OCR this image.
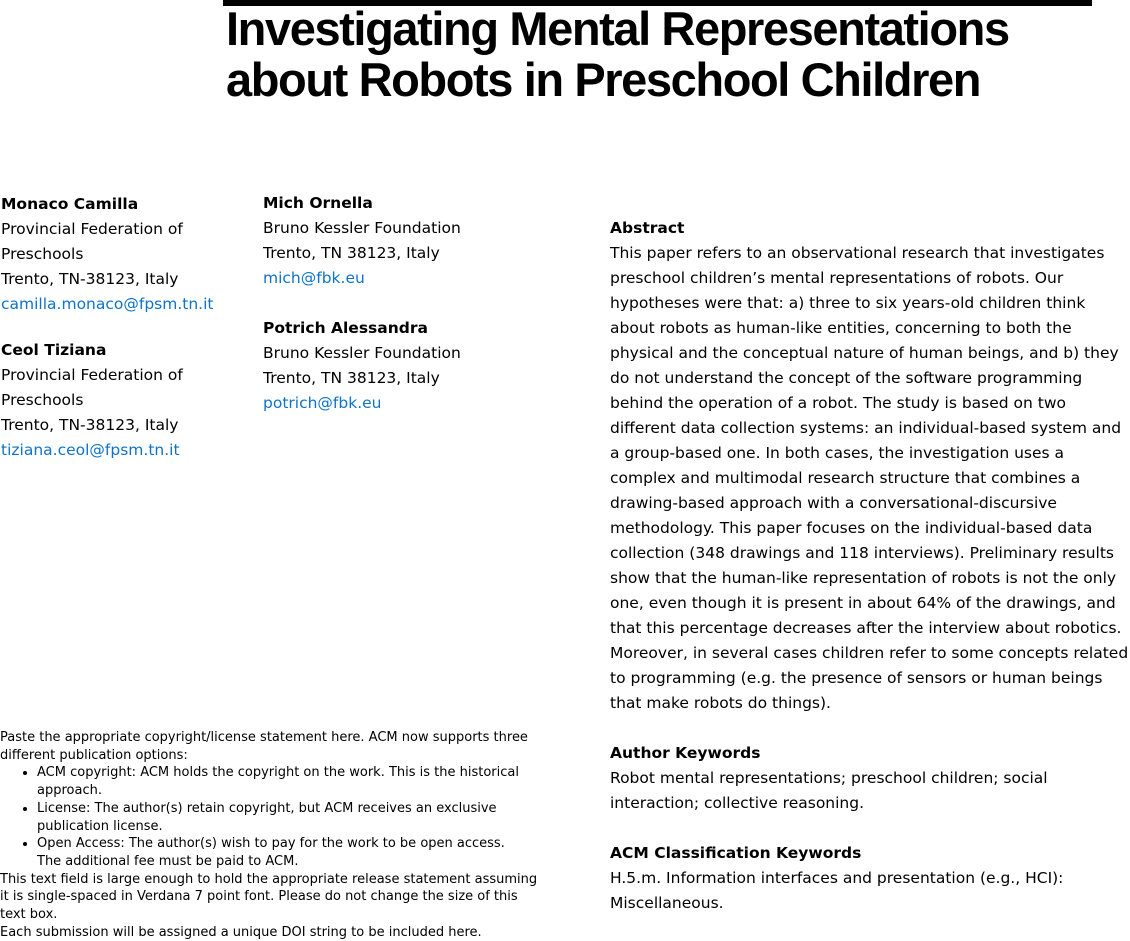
Investigating Mental Representations about Robots in Preschool Children
Monaco Camilla
Provincial Federation of
Preschools
Trento, TN-38123, Italy
camilla.monaco@fpsm.tn.it
Ceol Tiziana
Provincial Federation of
Preschools
Trento, TN-38123, Italy
tiziana.ceol@fpsm.tn.it
Mich Ornella
Bruno Kessler Foundation
Trento, TN 38123, Italy
mich@fbk.eu
Potrich Alessandra
Bruno Kessler Foundation
Trento, TN 38123, Italy
potrich@fbk.eu
Abstract

This paper refers to an observational research that investigates preschool children’s mental representations of robots. Our hypotheses were that: a) three to six years-old children think about robots as human-like entities, concerning to both the physical and the conceptual nature of human beings, and b) they do not understand the concept of the software programming behind the operation of a robot. The study is based on two different data collection systems: an individual-based system and a group-based one. In both cases, the investigation uses a complex and multimodal research structure that combines a drawing-based approach with a conversational-discursive methodology. This paper focuses on the individual-based data collection (348 drawings and 118 interviews). Preliminary results show that the human-like representation of robots is not the only one, even though it is present in about 64% of the drawings, and that this percentage decreases after the interview about robotics. Moreover, in several cases children refer to some concepts related to programming (e.g. the presence of sensors or human beings that make robots do things).

Author Keywords

Robot mental representations; preschool children; social interaction; collective reasoning.

ACM Classification Keywords

H.5.m. Information interfaces and presentation (e.g., HCI): Miscellaneous.

Paste the appropriate copyright/license statement here. ACM now supports three different publication options:

• ACM copyright: ACM holds the copyright on the work. This is the historical approach.
• License: The author(s) retain copyright, but ACM receives an exclusive publication license.
• Open Access: The author(s) wish to pay for the work to be open access. The additional fee must be paid to ACM.

This text field is large enough to hold the appropriate release statement assuming it is single-spaced in Verdana 7 point font. Please do not change the size of this text box.

Each submission will be assigned a unique DOI string to be included here.
